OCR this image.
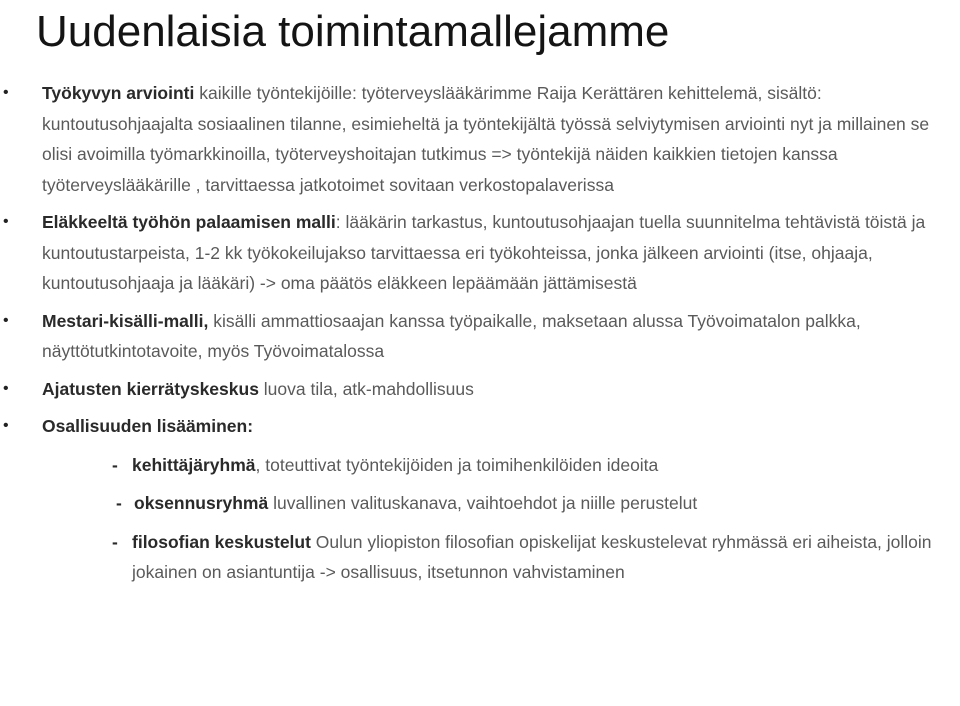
Uudenlaisia toimintamallejamme
• Työkyvyn arviointi kaikille työntekijöille: työterveyslääkärimme Raija Kerättären kehittelemä, sisältö: kuntoutusohjaajalta sosiaalinen tilanne, esimieheltä ja työntekijältä työssä selviytymisen arviointi nyt ja millainen se olisi avoimilla työmarkkinoilla, työterveyshoitajan tutkimus => työntekijä näiden kaikkien tietojen kanssa työterveyslääkärille , tarvittaessa jatkotoimet sovitaan verkostopalaverissa
• Eläkkeeltä työhön palaamisen malli: lääkärin tarkastus, kuntoutusohjaajan tuella suunnitelma tehtävistä töistä ja kuntoutustarpeista, 1-2 kk työkokeilujakso tarvittaessa eri työkohteissa, jonka jälkeen arviointi (itse, ohjaaja, kuntoutusohjaaja ja lääkäri) -> oma päätös eläkkeen lepäämään jättämisestä
• Mestari-kisälli-malli, kisälli ammattiosaajan kanssa työpaikalle, maksetaan alussa Työvoimatalon palkka, näyttötutkintotavoite, myös Työvoimatalossa
• Ajatusten kierrätyskeskus luova tila, atk-mahdollisuus
• Osallisuuden lisääminen:
- kehittäjäryhmä, toteuttivat työntekijöiden ja toimihenkilöiden ideoita
- oksennusryhmä luvallinen valituskanava, vaihtoehdot ja niille perustelut
- filosofian keskustelut Oulun yliopiston filosofian opiskelijat keskustelevat ryhmässä eri aiheista, jolloin jokainen on asiantuntija -> osallisuus, itsetunnon vahvistaminen
